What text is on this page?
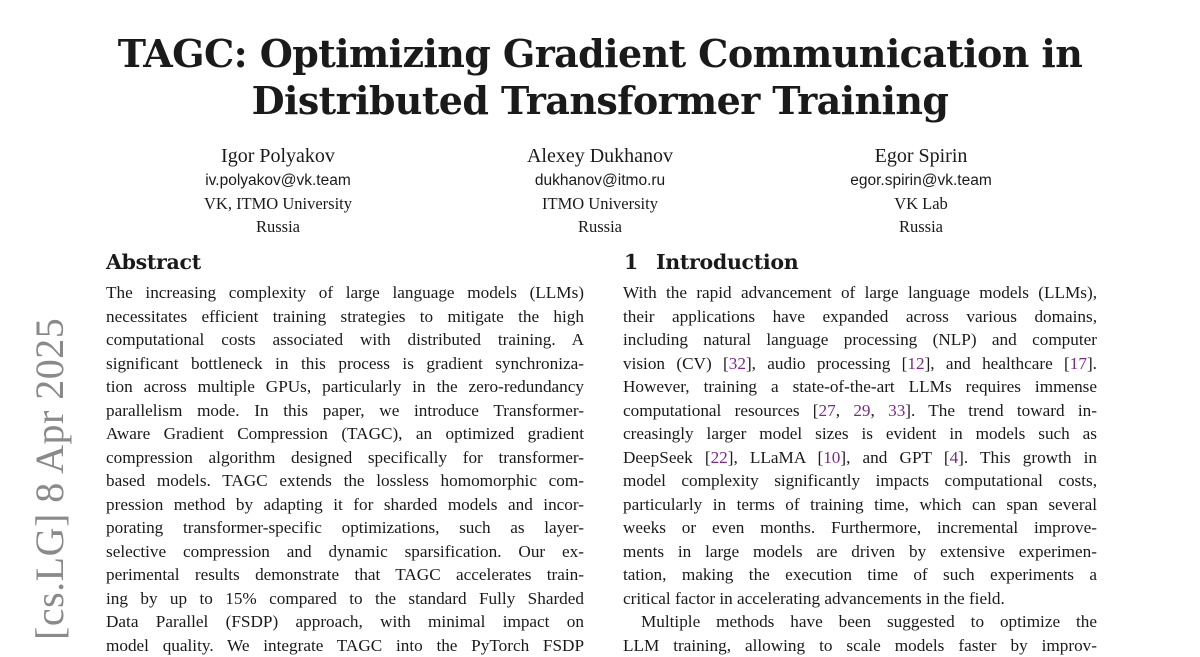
[cs.LG] 8 Apr 2025
TAGC: Optimizing Gradient Communication in
Distributed Transformer Training
Igor Polyakov
iv.polyakov@vk.team
VK, ITMO University
Russia
Alexey Dukhanov
dukhanov@itmo.ru
ITMO University
Russia
Egor Spirin
egor.spirin@vk.team
VK Lab
Russia
Abstract	1 Introduction
The increasing complexity of large language models (LLMs)
necessitates efficient training strategies to mitigate the high
computational costs associated with distributed training. A
significant bottleneck in this process is gradient synchroniza-
tion across multiple GPUs, particularly in the zero-redundancy
parallelism mode. In this paper, we introduce Transformer-
Aware Gradient Compression (TAGC), an optimized gradient
compression algorithm designed specifically for transformer-
based models. TAGC extends the lossless homomorphic com-
pression method by adapting it for sharded models and incor-
porating transformer-specific optimizations, such as layer-
selective compression and dynamic sparsification. Our ex-
perimental results demonstrate that TAGC accelerates train-
ing by up to 15% compared to the standard Fully Sharded
Data Parallel (FSDP) approach, with minimal impact on
model quality. We integrate TAGC into the PyTorch FSDP
With the rapid advancement of large language models (LLMs),
their applications have expanded across various domains,
including natural language processing (NLP) and computer
vision (CV) [32], audio processing [12], and healthcare [17].
However, training a state-of-the-art LLMs requires immense
computational resources [27, 29, 33]. The trend toward in-
creasingly larger model sizes is evident in models such as
DeepSeek [22], LLaMA [10], and GPT [4]. This growth in
model complexity significantly impacts computational costs,
particularly in terms of training time, which can span several
weeks or even months. Furthermore, incremental improve-
ments in large models are driven by extensive experimen-
tation, making the execution time of such experiments a
critical factor in accelerating advancements in the field.
Multiple methods have been suggested to optimize the
LLM training, allowing to scale models faster by improv-
